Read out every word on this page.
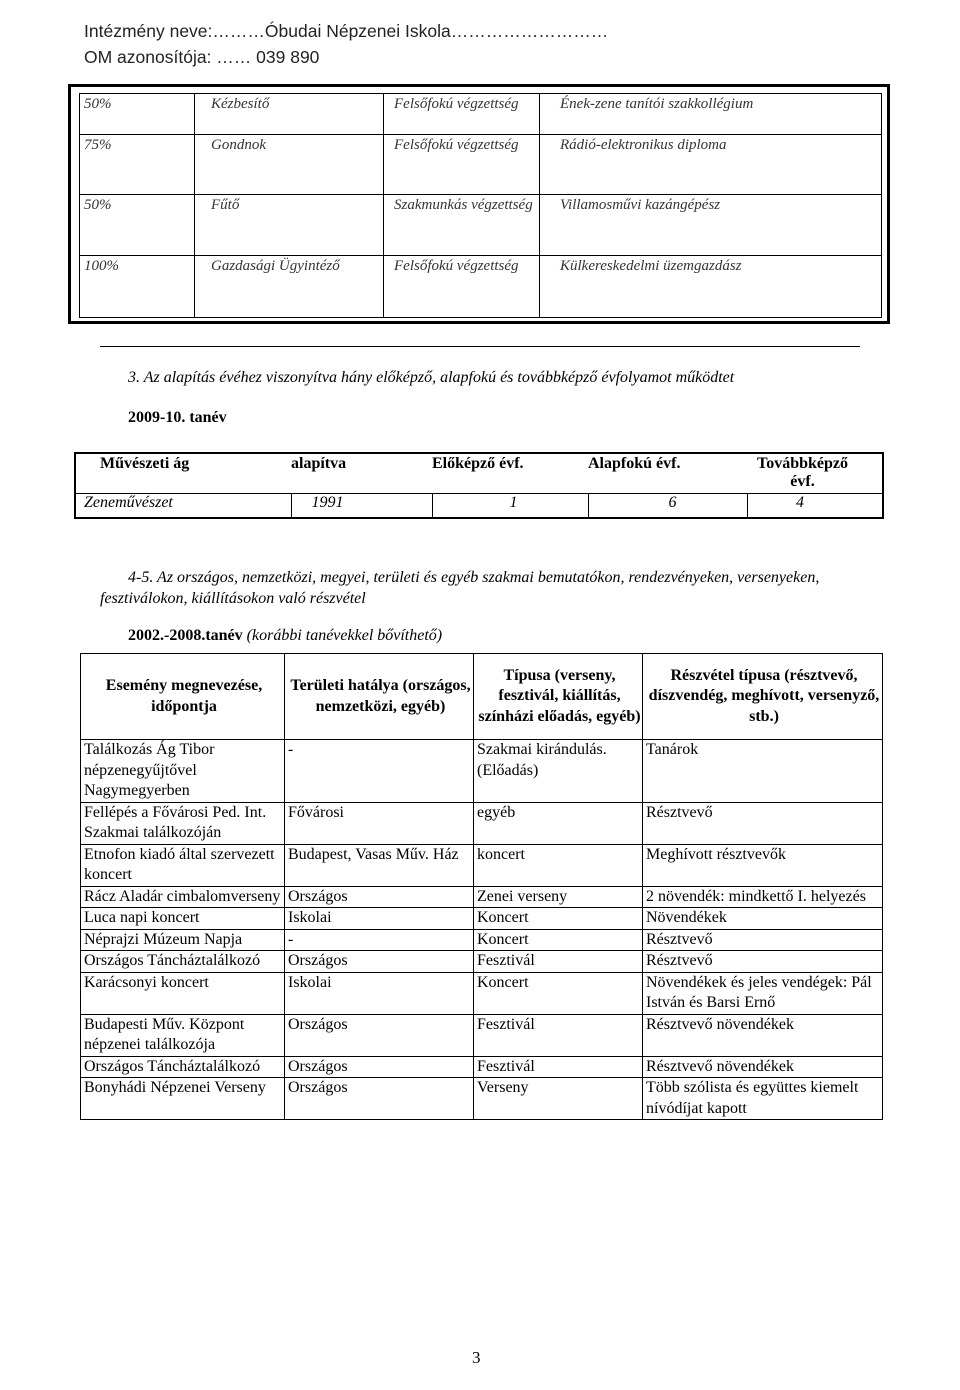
Intézmény neve:………Óbudai Népzenei Iskola………………………
OM azonosítója: …… 039 890
50%	Kézbesítő	Felsőfokú végzettség	Ének-zene tanítói szakkollégium
75%	Gondnok	Felsőfokú végzettség	Rádió-elektronikus diploma
50%	Fűtő	Szakmunkás végzettség	Villamosművi kazángépész
100%	Gazdasági Ügyintéző	Felsőfokú végzettség	Külkereskedelmi üzemgazdász
3. Az alapítás évéhez viszonyítva hány előképző, alapfokú és továbbképző évfolyamot működtet
2009-10. tanév
Művészeti ág	alapítva	Előképző évf.	Alapfokú évf.	Továbbképző évf.
Zeneművészet	1991	1	6	4
4-5. Az országos, nemzetközi, megyei, területi és egyéb szakmai bemutatókon, rendezvényeken, versenyeken, fesztiválokon, kiállításokon való részvétel
2002.-2008.tanév (korábbi tanévekkel bővíthető)
Esemény megnevezése, időpontja	Területi hatálya (országos, nemzetközi, egyéb)	Típusa (verseny, fesztivál, kiállítás, színházi előadás, egyéb)	Részvétel típusa (résztvevő, díszvendég, meghívott, versenyző, stb.)
Találkozás Ág Tibor népzenegyűjtővel Nagymegyerben	-	Szakmai kirándulás. (Előadás)	Tanárok
Fellépés a Fővárosi Ped. Int. Szakmai találkozóján	Fővárosi	egyéb	Résztvevő
Etnofon kiadó által szervezett koncert	Budapest, Vasas Műv. Ház	koncert	Meghívott résztvevők
Rácz Aladár cimbalomverseny	Országos	Zenei verseny	2 növendék: mindkettő I. helyezés
Luca napi koncert	Iskolai	Koncert	Növendékek
Néprajzi Múzeum Napja	-	Koncert	Résztvevő
Országos Táncháztalálkozó	Országos	Fesztivál	Résztvevő
Karácsonyi koncert	Iskolai	Koncert	Növendékek és jeles vendégek: Pál István és Barsi Ernő
Budapesti Műv. Központ népzenei találkozója	Országos	Fesztivál	Résztvevő növendékek
Országos Táncháztalálkozó	Országos	Fesztivál	Résztvevő növendékek
Bonyhádi Népzenei Verseny	Országos	Verseny	Több szólista és együttes kiemelt nívódíjat kapott
3
